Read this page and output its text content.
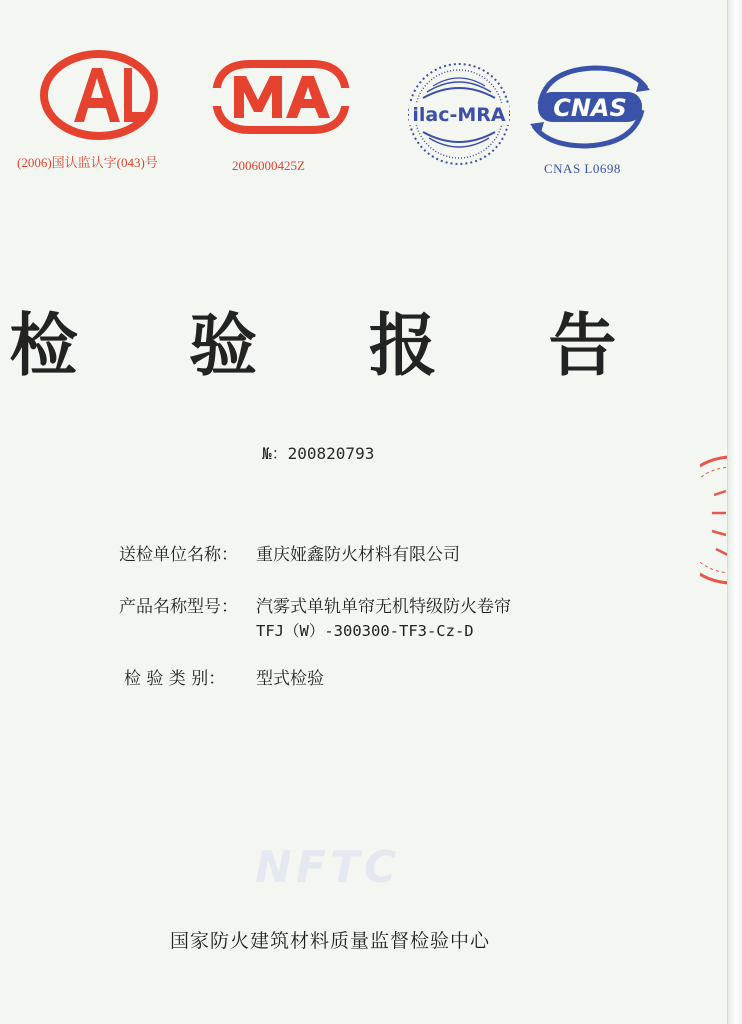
(2006)国认监认字(043)号	2006000425Z
ilac-MRA CNAS
CNAS L0698
检 验 报 告
№：200820793
送检单位名称： 重庆娅鑫防火材料有限公司
产品名称型号： 汽雾式单轨单帘无机特级防火卷帘
TFJ（W）-300300-TF3-Cz-D
检 验 类 别： 型式检验
NFTC
国家防火建筑材料质量监督检验中心
